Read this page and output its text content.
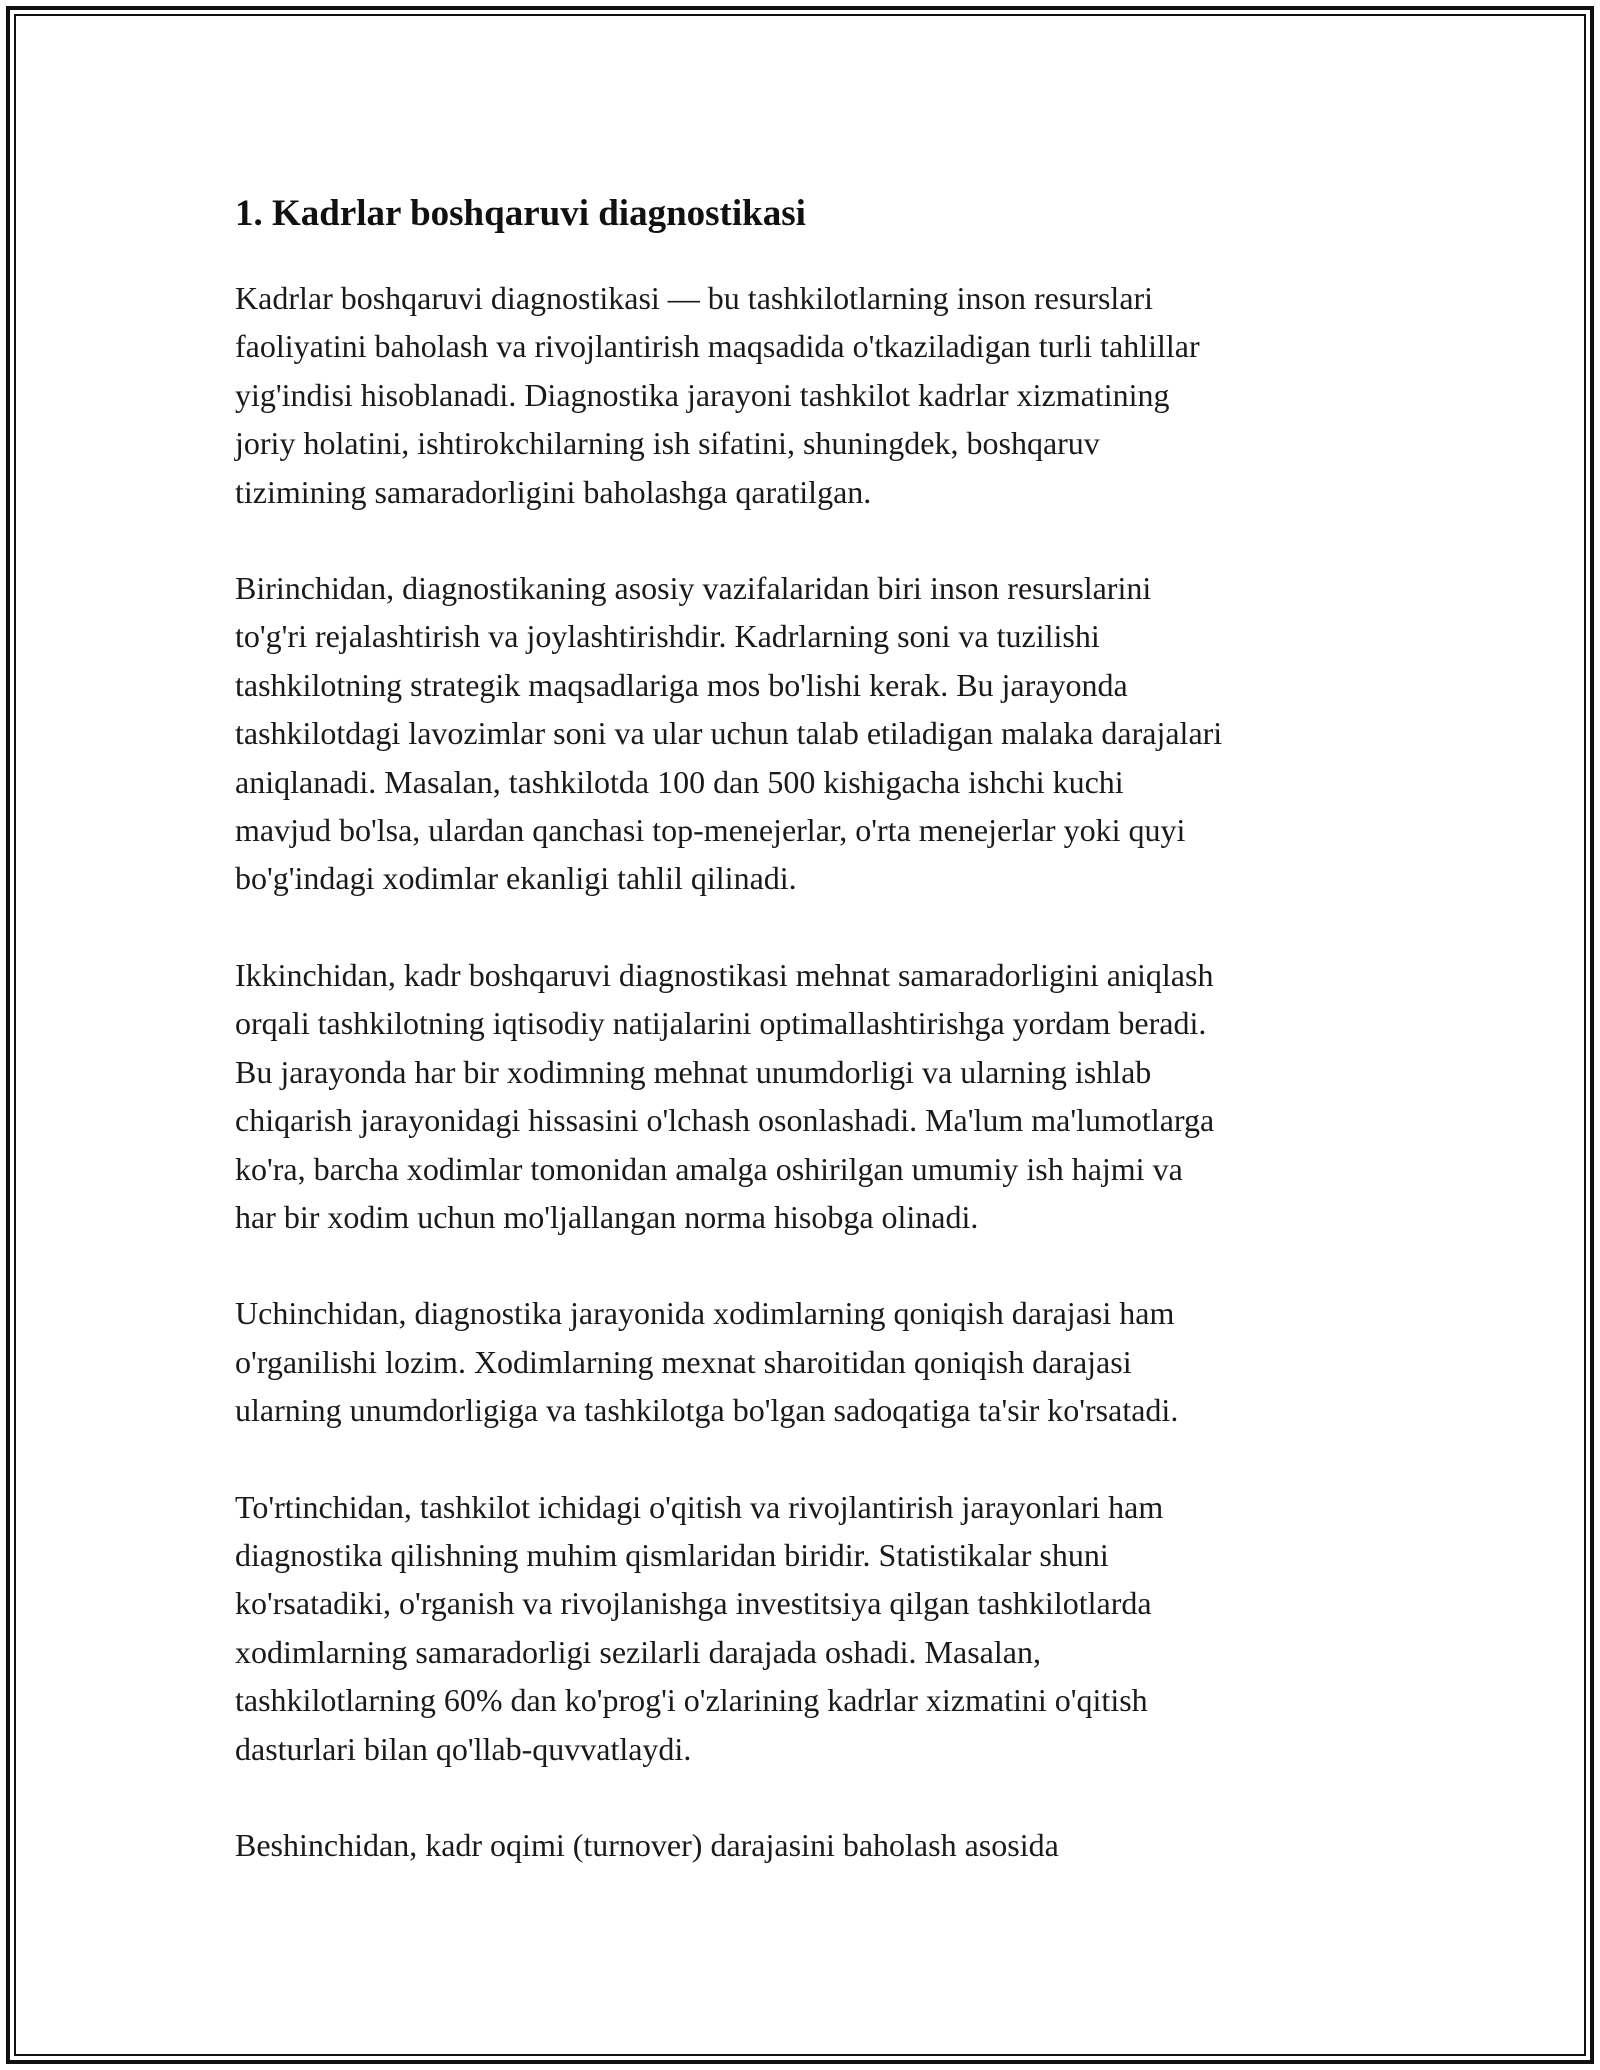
1. Kadrlar boshqaruvi diagnostikasi

Kadrlar boshqaruvi diagnostikasi — bu tashkilotlarning inson resurslari
faoliyatini baholash va rivojlantirish maqsadida o'tkaziladigan turli tahlillar
yig'indisi hisoblanadi. Diagnostika jarayoni tashkilot kadrlar xizmatining
joriy holatini, ishtirokchilarning ish sifatini, shuningdek, boshqaruv
tizimining samaradorligini baholashga qaratilgan.

Birinchidan, diagnostikaning asosiy vazifalaridan biri inson resurslarini
to'g'ri rejalashtirish va joylashtirishdir. Kadrlarning soni va tuzilishi
tashkilotning strategik maqsadlariga mos bo'lishi kerak. Bu jarayonda
tashkilotdagi lavozimlar soni va ular uchun talab etiladigan malaka darajalari
aniqlanadi. Masalan, tashkilotda 100 dan 500 kishigacha ishchi kuchi
mavjud bo'lsa, ulardan qanchasi top-menejerlar, o'rta menejerlar yoki quyi
bo'g'indagi xodimlar ekanligi tahlil qilinadi.

Ikkinchidan, kadr boshqaruvi diagnostikasi mehnat samaradorligini aniqlash
orqali tashkilotning iqtisodiy natijalarini optimallashtirishga yordam beradi.
Bu jarayonda har bir xodimning mehnat unumdorligi va ularning ishlab
chiqarish jarayonidagi hissasini o'lchash osonlashadi. Ma'lum ma'lumotlarga
ko'ra, barcha xodimlar tomonidan amalga oshirilgan umumiy ish hajmi va
har bir xodim uchun mo'ljallangan norma hisobga olinadi.

Uchinchidan, diagnostika jarayonida xodimlarning qoniqish darajasi ham
o'rganilishi lozim. Xodimlarning mexnat sharoitidan qoniqish darajasi
ularning unumdorligiga va tashkilotga bo'lgan sadoqatiga ta'sir ko'rsatadi.

To'rtinchidan, tashkilot ichidagi o'qitish va rivojlantirish jarayonlari ham
diagnostika qilishning muhim qismlaridan biridir. Statistikalar shuni
ko'rsatadiki, o'rganish va rivojlanishga investitsiya qilgan tashkilotlarda
xodimlarning samaradorligi sezilarli darajada oshadi. Masalan,
tashkilotlarning 60% dan ko'prog'i o'zlarining kadrlar xizmatini o'qitish
dasturlari bilan qo'llab-quvvatlaydi.

Beshinchidan, kadr oqimi (turnover) darajasini baholash asosida
